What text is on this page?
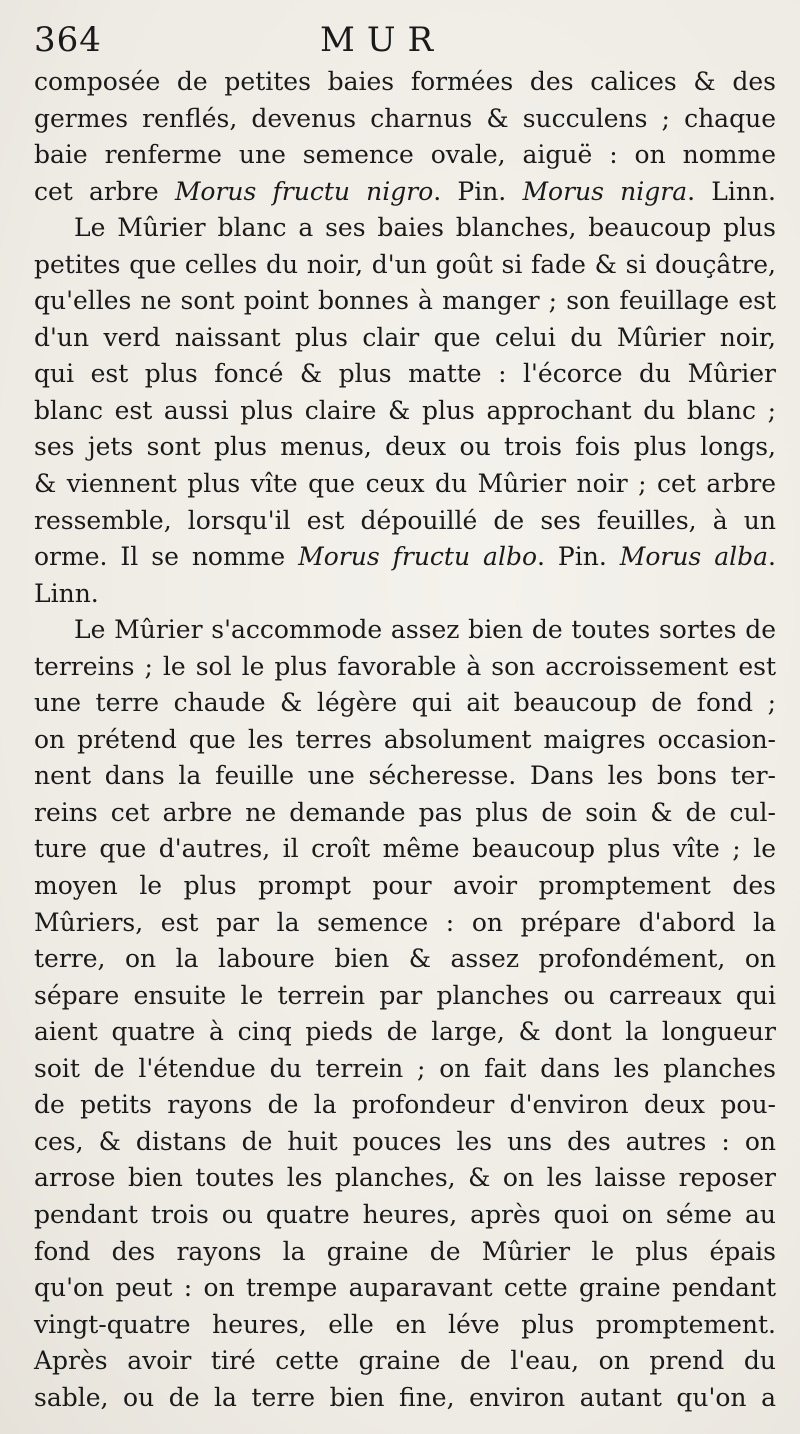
364	MUR
composée de petites baies formées des calices & des
germes renflés, devenus charnus & succulens ; chaque
baie renferme une semence ovale, aiguë : on nomme
cet arbre Morus fructu nigro. Pin. Morus nigra. Linn.
Le Mûrier blanc a ses baies blanches, beaucoup plus
petites que celles du noir, d'un goût si fade & si douçâtre,
qu'elles ne sont point bonnes à manger ; son feuillage est
d'un verd naissant plus clair que celui du Mûrier noir,
qui est plus foncé & plus matte : l'écorce du Mûrier
blanc est aussi plus claire & plus approchant du blanc ;
ses jets sont plus menus, deux ou trois fois plus longs,
& viennent plus vîte que ceux du Mûrier noir ; cet arbre
ressemble, lorsqu'il est dépouillé de ses feuilles, à un
orme. Il se nomme Morus fructu albo. Pin. Morus alba.
Linn.
Le Mûrier s'accommode assez bien de toutes sortes de
terreins ; le sol le plus favorable à son accroissement est
une terre chaude & légère qui ait beaucoup de fond ;
on prétend que les terres absolument maigres occasion-
nent dans la feuille une sécheresse. Dans les bons ter-
reins cet arbre ne demande pas plus de soin & de cul-
ture que d'autres, il croît même beaucoup plus vîte ; le
moyen le plus prompt pour avoir promptement des
Mûriers, est par la semence : on prépare d'abord la
terre, on la laboure bien & assez profondément, on
sépare ensuite le terrein par planches ou carreaux qui
aient quatre à cinq pieds de large, & dont la longueur
soit de l'étendue du terrein ; on fait dans les planches
de petits rayons de la profondeur d'environ deux pou-
ces, & distans de huit pouces les uns des autres : on
arrose bien toutes les planches, & on les laisse reposer
pendant trois ou quatre heures, après quoi on séme au
fond des rayons la graine de Mûrier le plus épais
qu'on peut : on trempe auparavant cette graine pendant
vingt-quatre heures, elle en léve plus promptement.
Après avoir tiré cette graine de l'eau, on prend du
sable, ou de la terre bien fine, environ autant qu'on a
